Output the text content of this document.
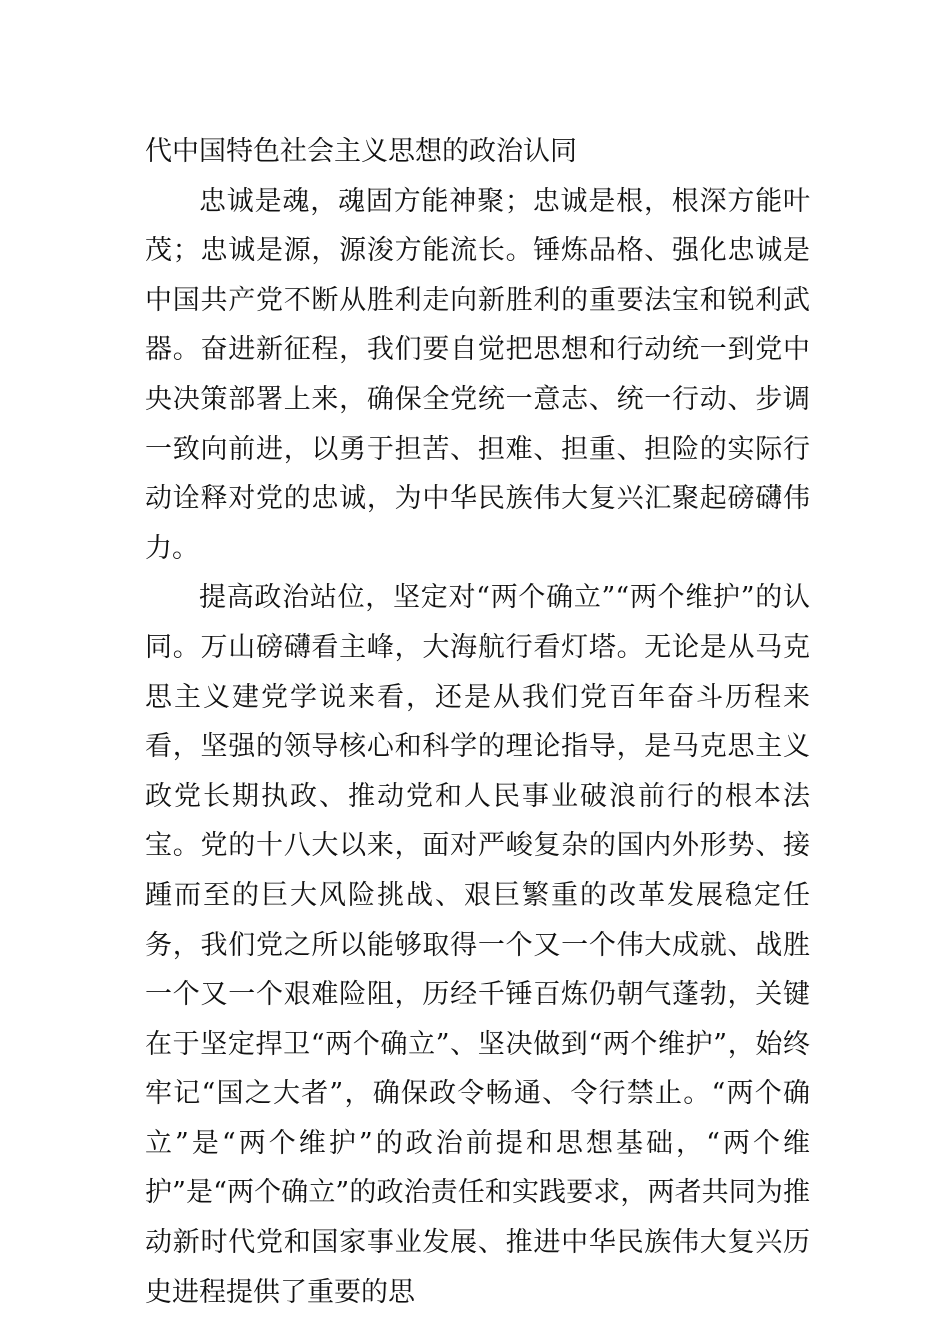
代中国特色社会主义思想的政治认同

忠诚是魂，魂固方能神聚；忠诚是根，根深方能叶茂；忠诚是源，源浚方能流长。锤炼品格、强化忠诚是中国共产党不断从胜利走向新胜利的重要法宝和锐利武器。奋进新征程，我们要自觉把思想和行动统一到党中央决策部署上来，确保全党统一意志、统一行动、步调一致向前进，以勇于担苦、担难、担重、担险的实际行动诠释对党的忠诚，为中华民族伟大复兴汇聚起磅礴伟力。

提高政治站位，坚定对“两个确立”“两个维护”的认同。万山磅礴看主峰，大海航行看灯塔。无论是从马克思主义建党学说来看，还是从我们党百年奋斗历程来看，坚强的领导核心和科学的理论指导，是马克思主义政党长期执政、推动党和人民事业破浪前行的根本法宝。党的十八大以来，面对严峻复杂的国内外形势、接踵而至的巨大风险挑战、艰巨繁重的改革发展稳定任务，我们党之所以能够取得一个又一个伟大成就、战胜一个又一个艰难险阻，历经千锤百炼仍朝气蓬勃，关键在于坚定捍卫“两个确立”、坚决做到“两个维护”，始终牢记“国之大者”，确保政令畅通、令行禁止。“两个确立”是“两个维护”的政治前提和思想基础，“两个维护”是“两个确立”的政治责任和实践要求，两者共同为推动新时代党和国家事业发展、推进中华民族伟大复兴历史进程提供了重要的思
